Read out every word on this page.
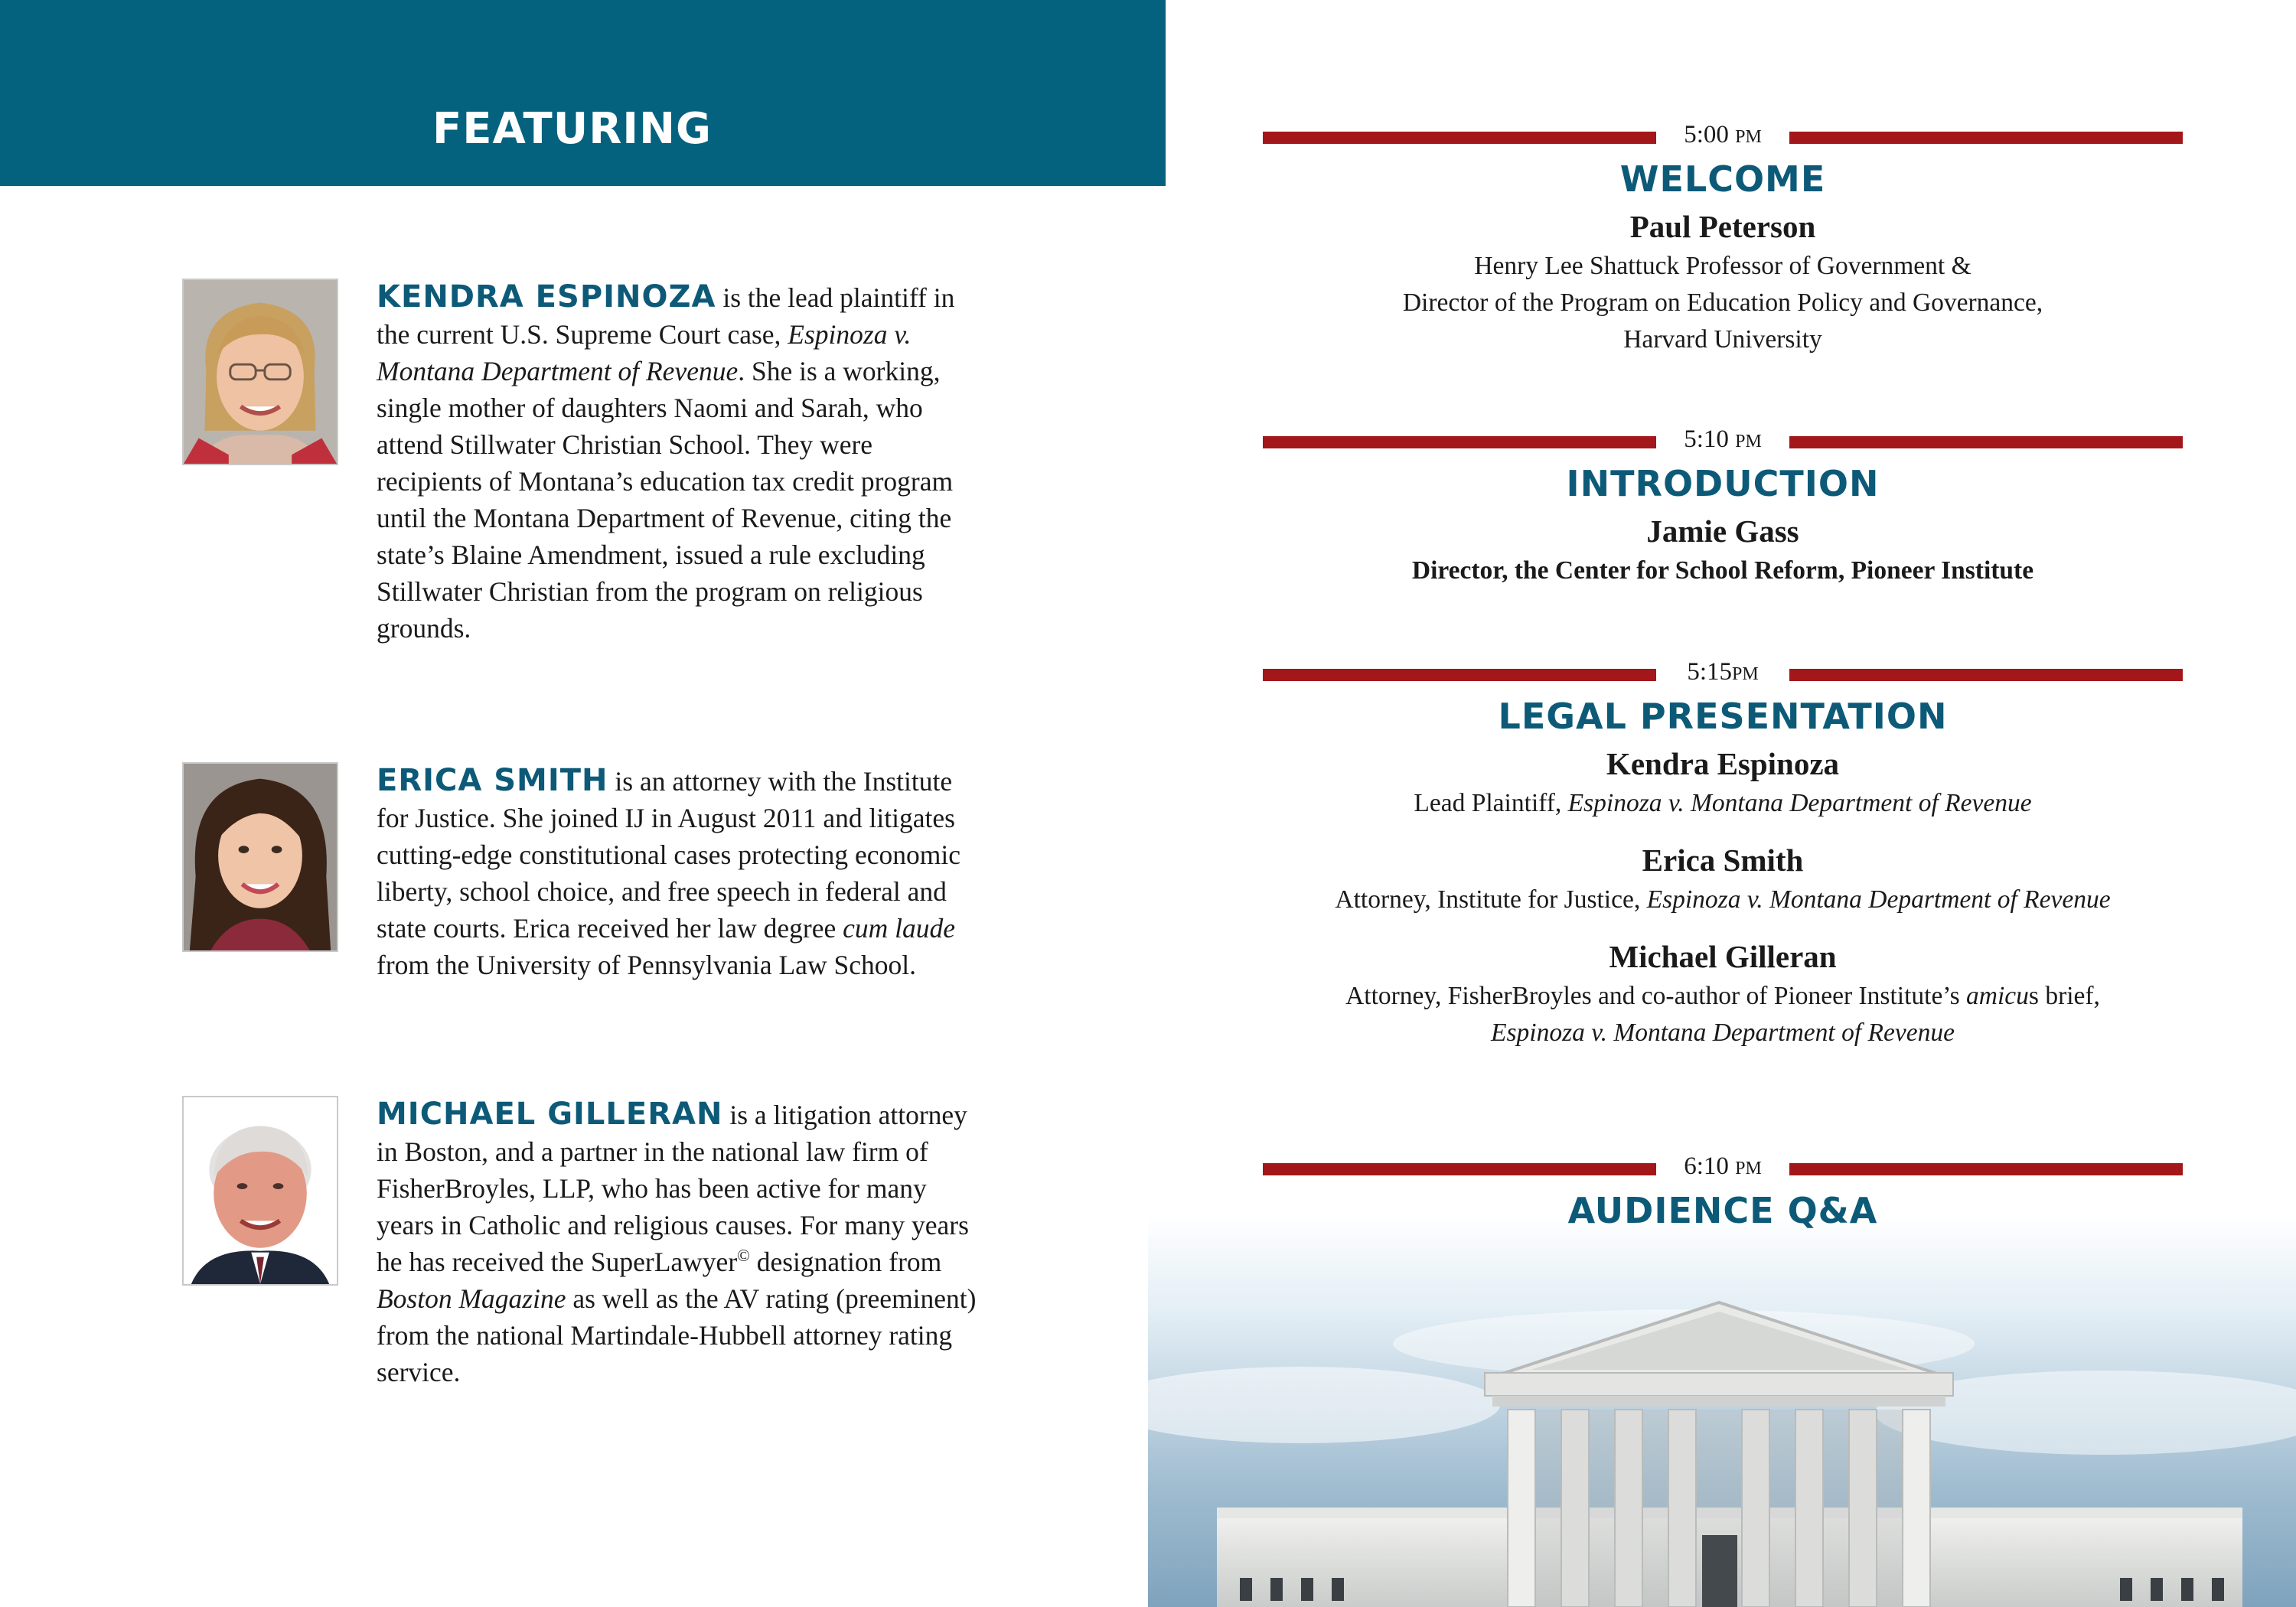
FEATURING
KENDRA ESPINOZA is the lead plaintiff in the current U.S. Supreme Court case, Espinoza v. Montana Department of Revenue. She is a working, single mother of daughters Naomi and Sarah, who attend Stillwater Christian School. They were recipients of Montana’s education tax credit program until the Montana Department of Revenue, citing the state’s Blaine Amendment, issued a rule excluding Stillwater Christian from the program on religious grounds.
ERICA SMITH is an attorney with the Institute for Justice. She joined IJ in August 2011 and litigates cutting-edge constitutional cases protecting economic liberty, school choice, and free speech in federal and state courts. Erica received her law degree cum laude from the University of Pennsylvania Law School.
MICHAEL GILLERAN is a litigation attorney in Boston, and a partner in the national law firm of FisherBroyles, LLP, who has been active for many years in Catholic and religious causes. For many years he has received the SuperLawyer© designation from Boston Magazine as well as the AV rating (preeminent) from the national Martindale-Hubbell attorney rating service.
5:00 PM
WELCOME
Paul Peterson
Henry Lee Shattuck Professor of Government &
Director of the Program on Education Policy and Governance,
Harvard University
5:10 PM
INTRODUCTION
Jamie Gass
Director, the Center for School Reform, Pioneer Institute
5:15PM
LEGAL PRESENTATION
Kendra Espinoza
Lead Plaintiff, Espinoza v. Montana Department of Revenue
Erica Smith
Attorney, Institute for Justice, Espinoza v. Montana Department of Revenue
Michael Gilleran
Attorney, FisherBroyles and co-author of Pioneer Institute’s amicus brief,
Espinoza v. Montana Department of Revenue
6:10 PM
AUDIENCE Q&A
